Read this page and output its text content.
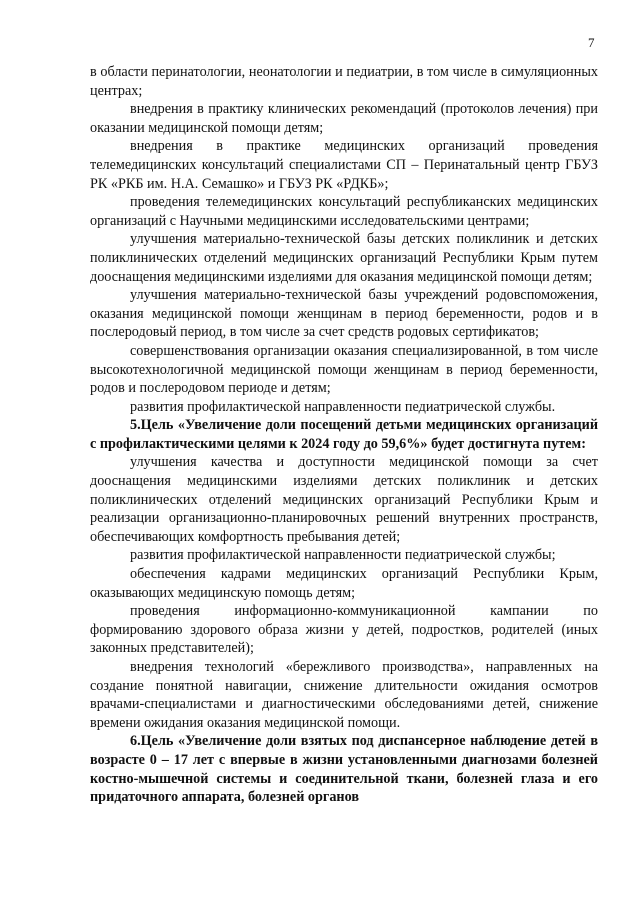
7

в области перинатологии, неонатологии и педиатрии, в том числе в симуляционных центрах;

внедрения в практику клинических рекомендаций (протоколов лечения) при оказании медицинской помощи детям;

внедрения в практике медицинских организаций проведения телемедицинских консультаций специалистами СП – Перинатальный центр ГБУЗ РК «РКБ им. Н.А. Семашко» и ГБУЗ РК «РДКБ»;

проведения телемедицинских консультаций республиканских медицинских организаций с Научными медицинскими исследовательскими центрами;

улучшения материально-технической базы детских поликлиник и детских поликлинических отделений медицинских организаций Республики Крым путем дооснащения медицинскими изделиями для оказания медицинской помощи детям;

улучшения материально-технической базы учреждений родовспоможения, оказания медицинской помощи женщинам в период беременности, родов и в послеродовый период, в том числе за счет средств родовых сертификатов;

совершенствования организации оказания специализированной, в том числе высокотехнологичной медицинской помощи женщинам в период беременности, родов и послеродовом периоде и детям;

развития профилактической направленности педиатрической службы.

5.Цель «Увеличение доли посещений детьми медицинских организаций с профилактическими целями к 2024 году до 59,6%» будет достигнута путем:

улучшения качества и доступности медицинской помощи за счет дооснащения медицинскими изделиями детских поликлиник и детских поликлинических отделений медицинских организаций Республики Крым и реализации организационно-планировочных решений внутренних пространств, обеспечивающих комфортность пребывания детей;

развития профилактической направленности педиатрической службы;

обеспечения кадрами медицинских организаций Республики Крым, оказывающих медицинскую помощь детям;

проведения информационно-коммуникационной кампании по формированию здорового образа жизни у детей, подростков, родителей (иных законных представителей);

внедрения технологий «бережливого производства», направленных на создание понятной навигации, снижение длительности ожидания осмотров врачами-специалистами и диагностическими обследованиями детей, снижение времени ожидания оказания медицинской помощи.

6.Цель «Увеличение доли взятых под диспансерное наблюдение детей в возрасте 0 – 17 лет с впервые в жизни установленными диагнозами болезней костно-мышечной системы и соединительной ткани, болезней глаза и его придаточного аппарата, болезней органов
